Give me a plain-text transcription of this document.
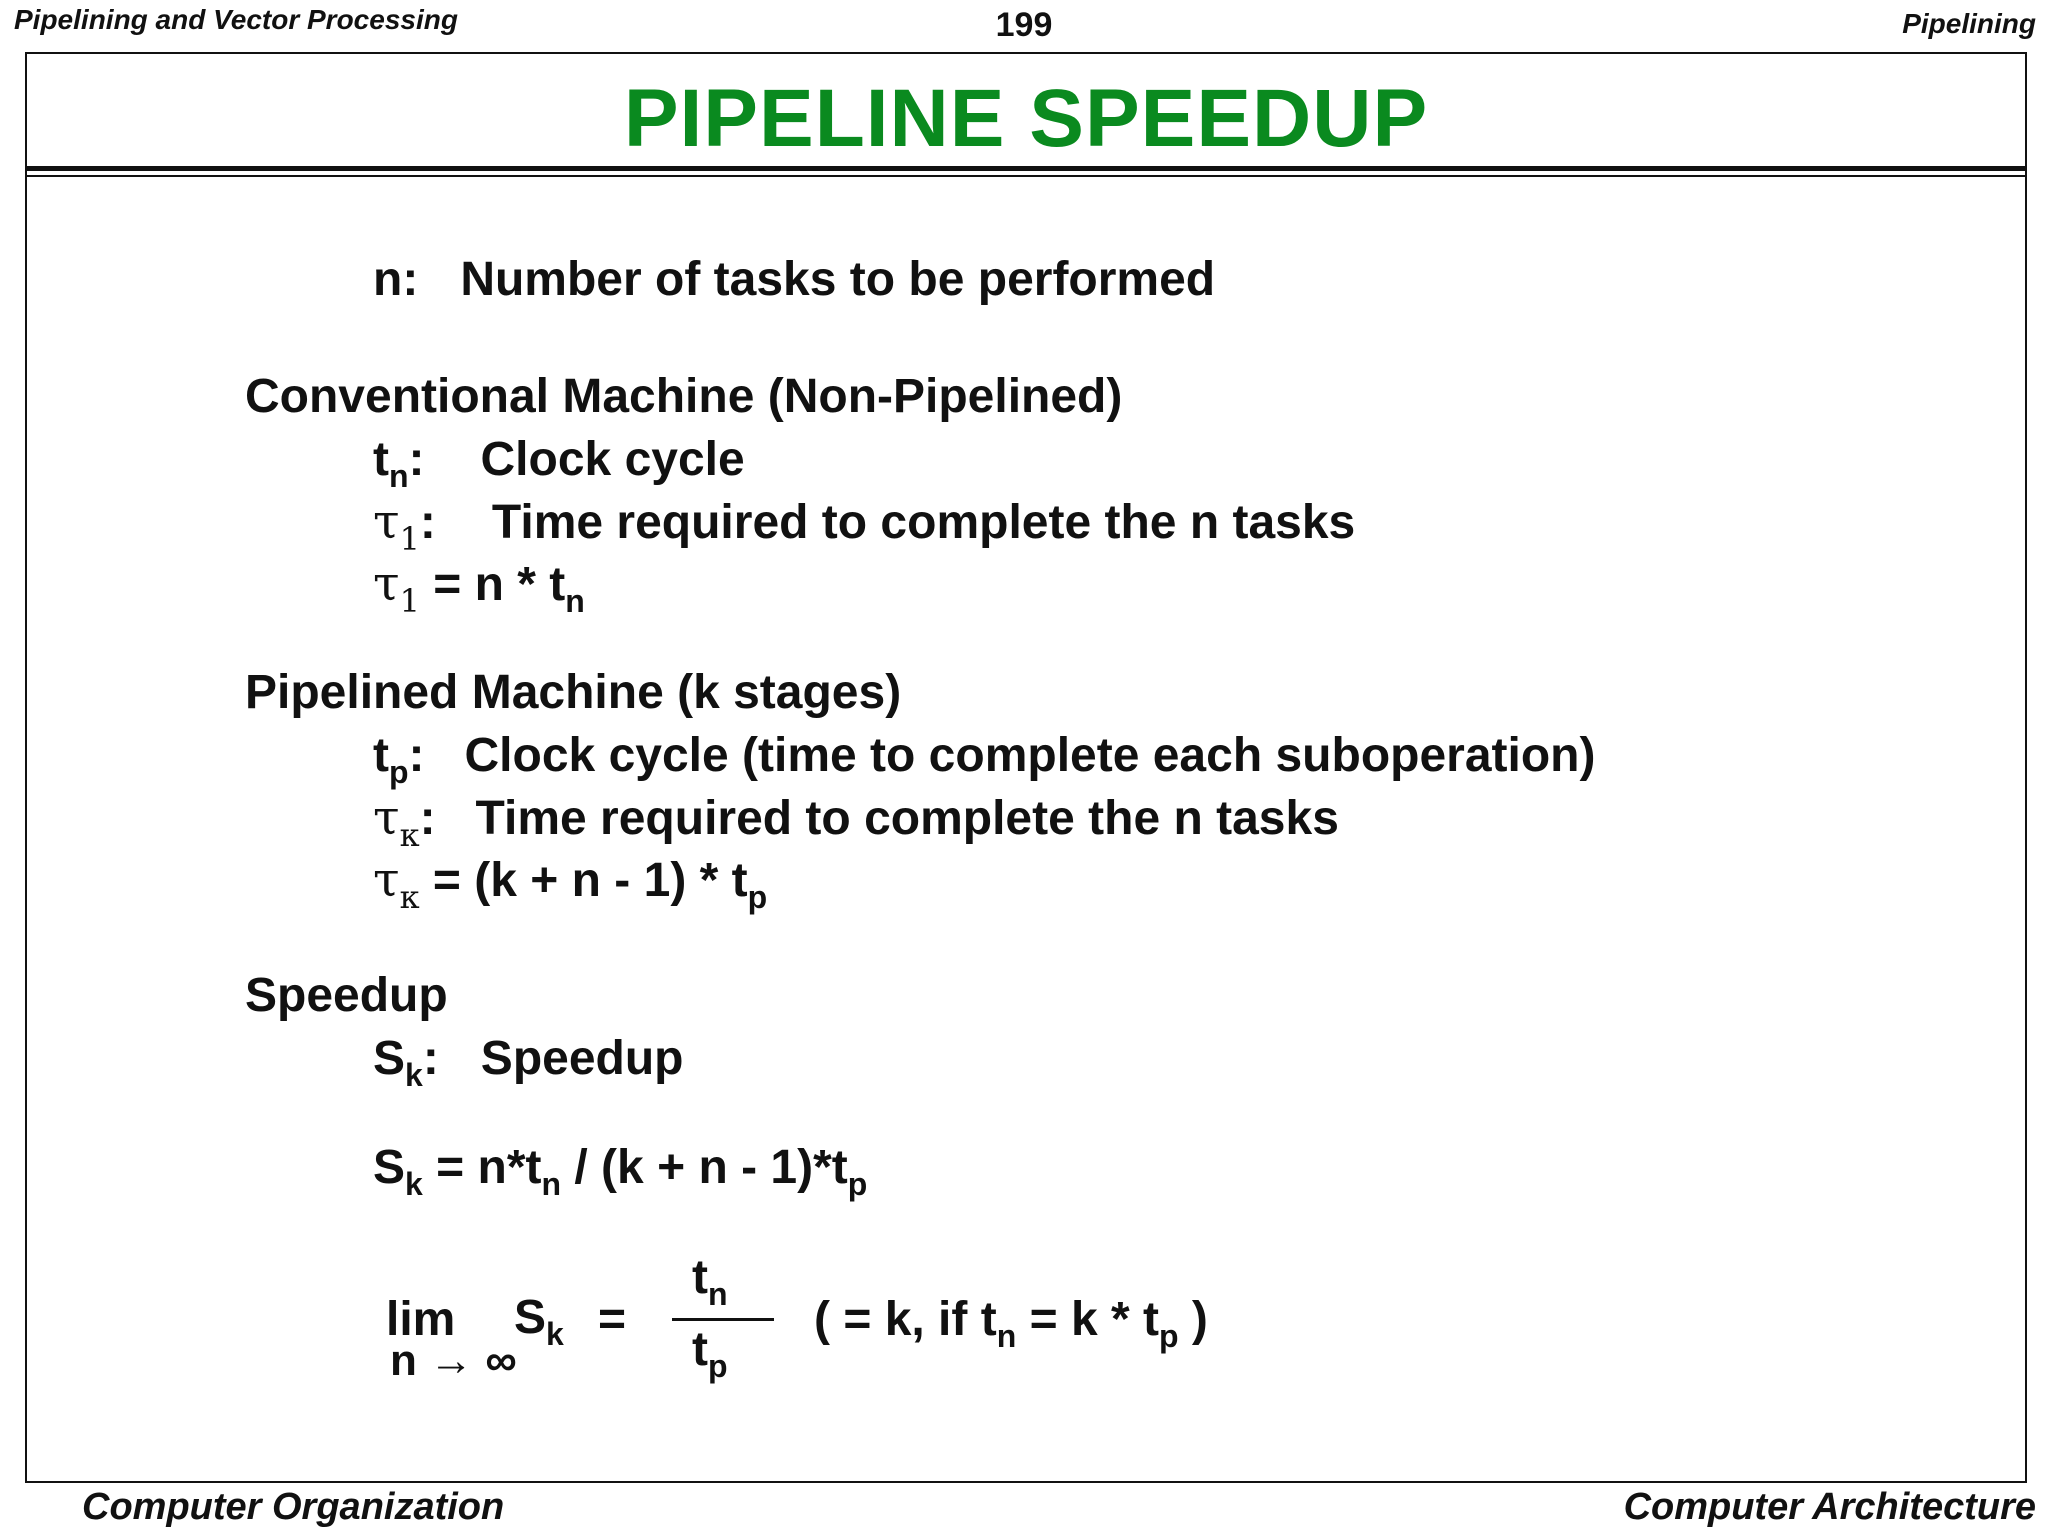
Pipelining and Vector Processing	199	Pipelining
PIPELINE SPEEDUP
n: Number of tasks to be performed
Conventional Machine (Non-Pipelined)
$t_n$: Clock cycle
$\tau_1$: Time required to complete the n tasks
$\tau_1 = n * t_n$
Pipelined Machine (k stages)
$t_p$: Clock cycle (time to complete each suboperation)
$\tau_\kappa$: Time required to complete the n tasks
$\tau_\kappa = (k + n - 1) * t_p$
Speedup
$S_k$: Speedup
$S_k = n*t_n / (k + n - 1)*t_p$
lim
n → ∞
$S_k$ =
$t_n$
$t_p$
( = k, if $t_n = k * t_p$ )
Computer Organization	Computer Architecture
